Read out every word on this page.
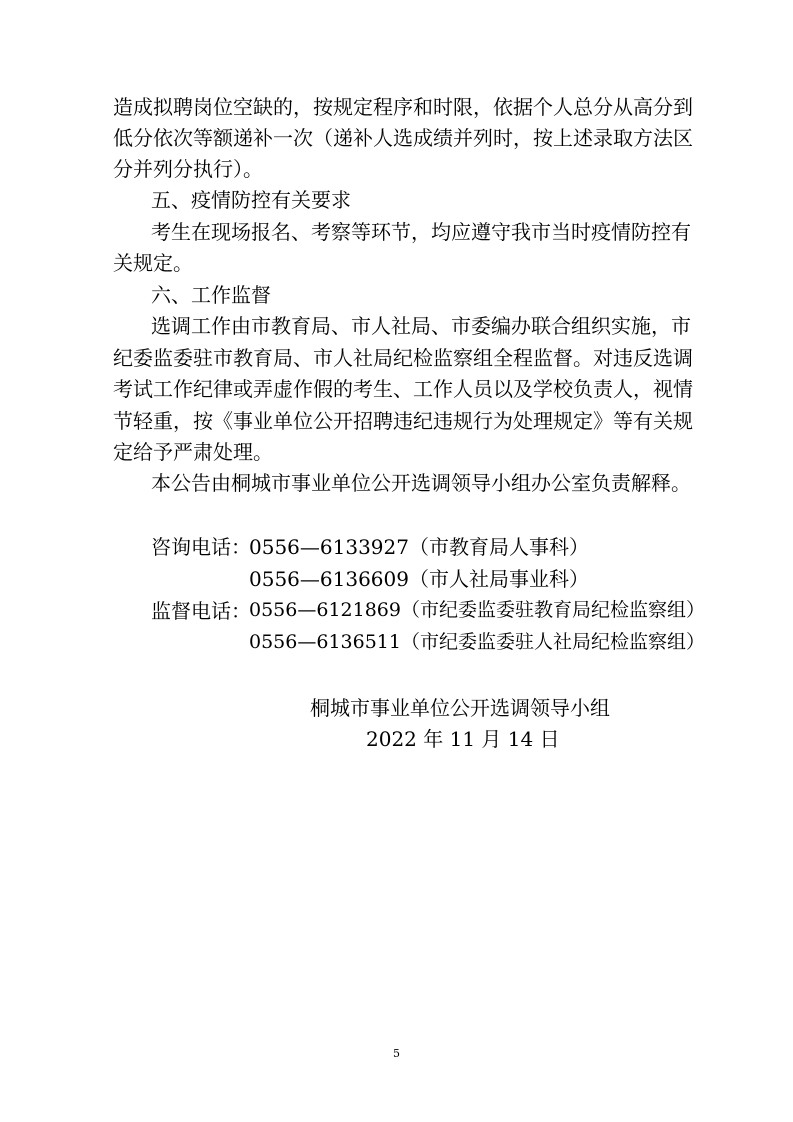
造成拟聘岗位空缺的，按规定程序和时限，依据个人总分从高分到
低分依次等额递补一次（递补人选成绩并列时，按上述录取方法区
分并列分执行）。
五、疫情防控有关要求
考生在现场报名、考察等环节，均应遵守我市当时疫情防控有
关规定。
六、工作监督
选调工作由市教育局、市人社局、市委编办联合组织实施，市
纪委监委驻市教育局、市人社局纪检监察组全程监督。对违反选调
考试工作纪律或弄虚作假的考生、工作人员以及学校负责人，视情
节轻重，按《事业单位公开招聘违纪违规行为处理规定》等有关规
定给予严肃处理。
本公告由桐城市事业单位公开选调领导小组办公室负责解释。
咨询电话：
0556—6133927（市教育局人事科）
0556—6136609（市人社局事业科）
监督电话：
0556—6121869（市纪委监委驻教育局纪检监察组）
0556—6136511（市纪委监委驻人社局纪检监察组）
桐城市事业单位公开选调领导小组
2022 年 11 月 14 日
5
